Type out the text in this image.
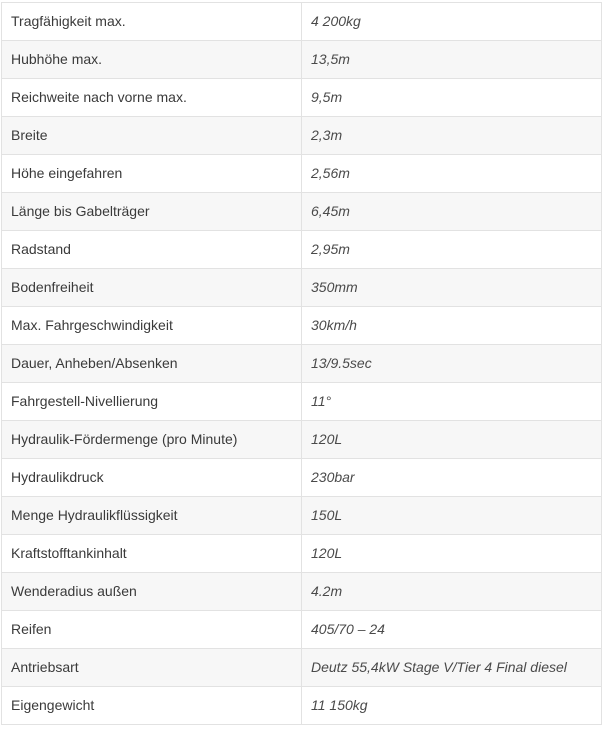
Tragfähigkeit max.	4 200kg
Hubhöhe max.	13,5m
Reichweite nach vorne max.	9,5m
Breite	2,3m
Höhe eingefahren	2,56m
Länge bis Gabelträger	6,45m
Radstand	2,95m
Bodenfreiheit	350mm
Max. Fahrgeschwindigkeit	30km/h
Dauer, Anheben/Absenken	13/9.5sec
Fahrgestell-Nivellierung	11°
Hydraulik-Fördermenge (pro Minute)	120L
Hydraulikdruck	230bar
Menge Hydraulikflüssigkeit	150L
Kraftstofftankinhalt	120L
Wenderadius außen	4.2m
Reifen	405/70 – 24
Antriebsart	Deutz 55,4kW Stage V/Tier 4 Final diesel
Eigengewicht	11 150kg
